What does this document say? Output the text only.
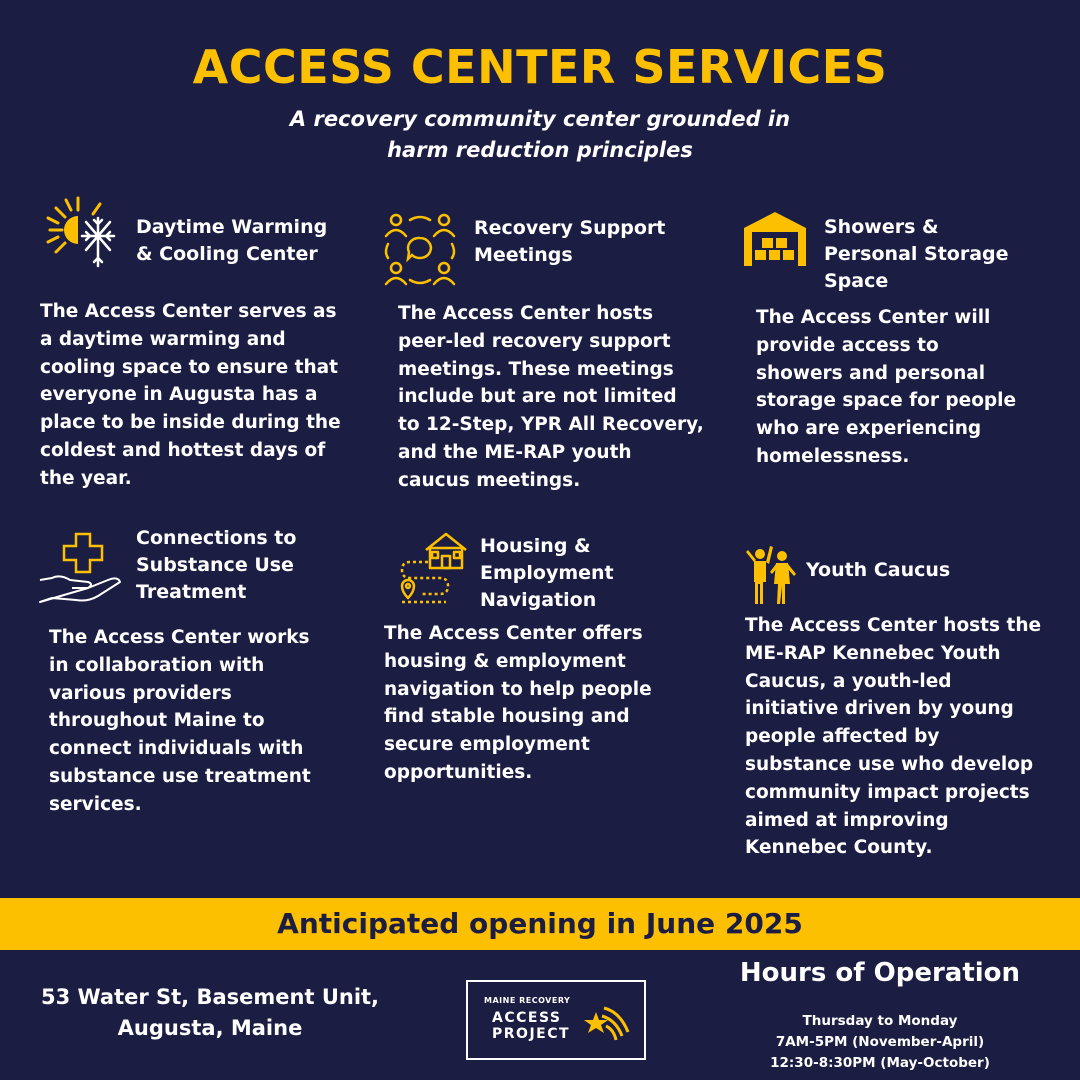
ACCESS CENTER SERVICES
A recovery community center grounded in
harm reduction principles
Daytime Warming
& Cooling Center
The Access Center serves as
a daytime warming and
cooling space to ensure that
everyone in Augusta has a
place to be inside during the
coldest and hottest days of
the year.
Recovery Support
Meetings
The Access Center hosts
peer-led recovery support
meetings. These meetings
include but are not limited
to 12-Step, YPR All Recovery,
and the ME-RAP youth
caucus meetings.
Showers &
Personal Storage
Space
The Access Center will
provide access to
showers and personal
storage space for people
who are experiencing
homelessness.
Connections to
Substance Use
Treatment
The Access Center works
in collaboration with
various providers
throughout Maine to
connect individuals with
substance use treatment
services.
Housing &
Employment
Navigation
The Access Center offers
housing & employment
navigation to help people
find stable housing and
secure employment
opportunities.
Youth Caucus
The Access Center hosts the
ME-RAP Kennebec Youth
Caucus, a youth-led
initiative driven by young
people affected by
substance use who develop
community impact projects
aimed at improving
Kennebec County.
Anticipated opening in June 2025
53 Water St, Basement Unit,
Augusta, Maine
MAINE RECOVERY
ACCESS
PROJECT
Hours of Operation
Thursday to Monday
7AM-5PM (November-April)
12:30-8:30PM (May-October)
